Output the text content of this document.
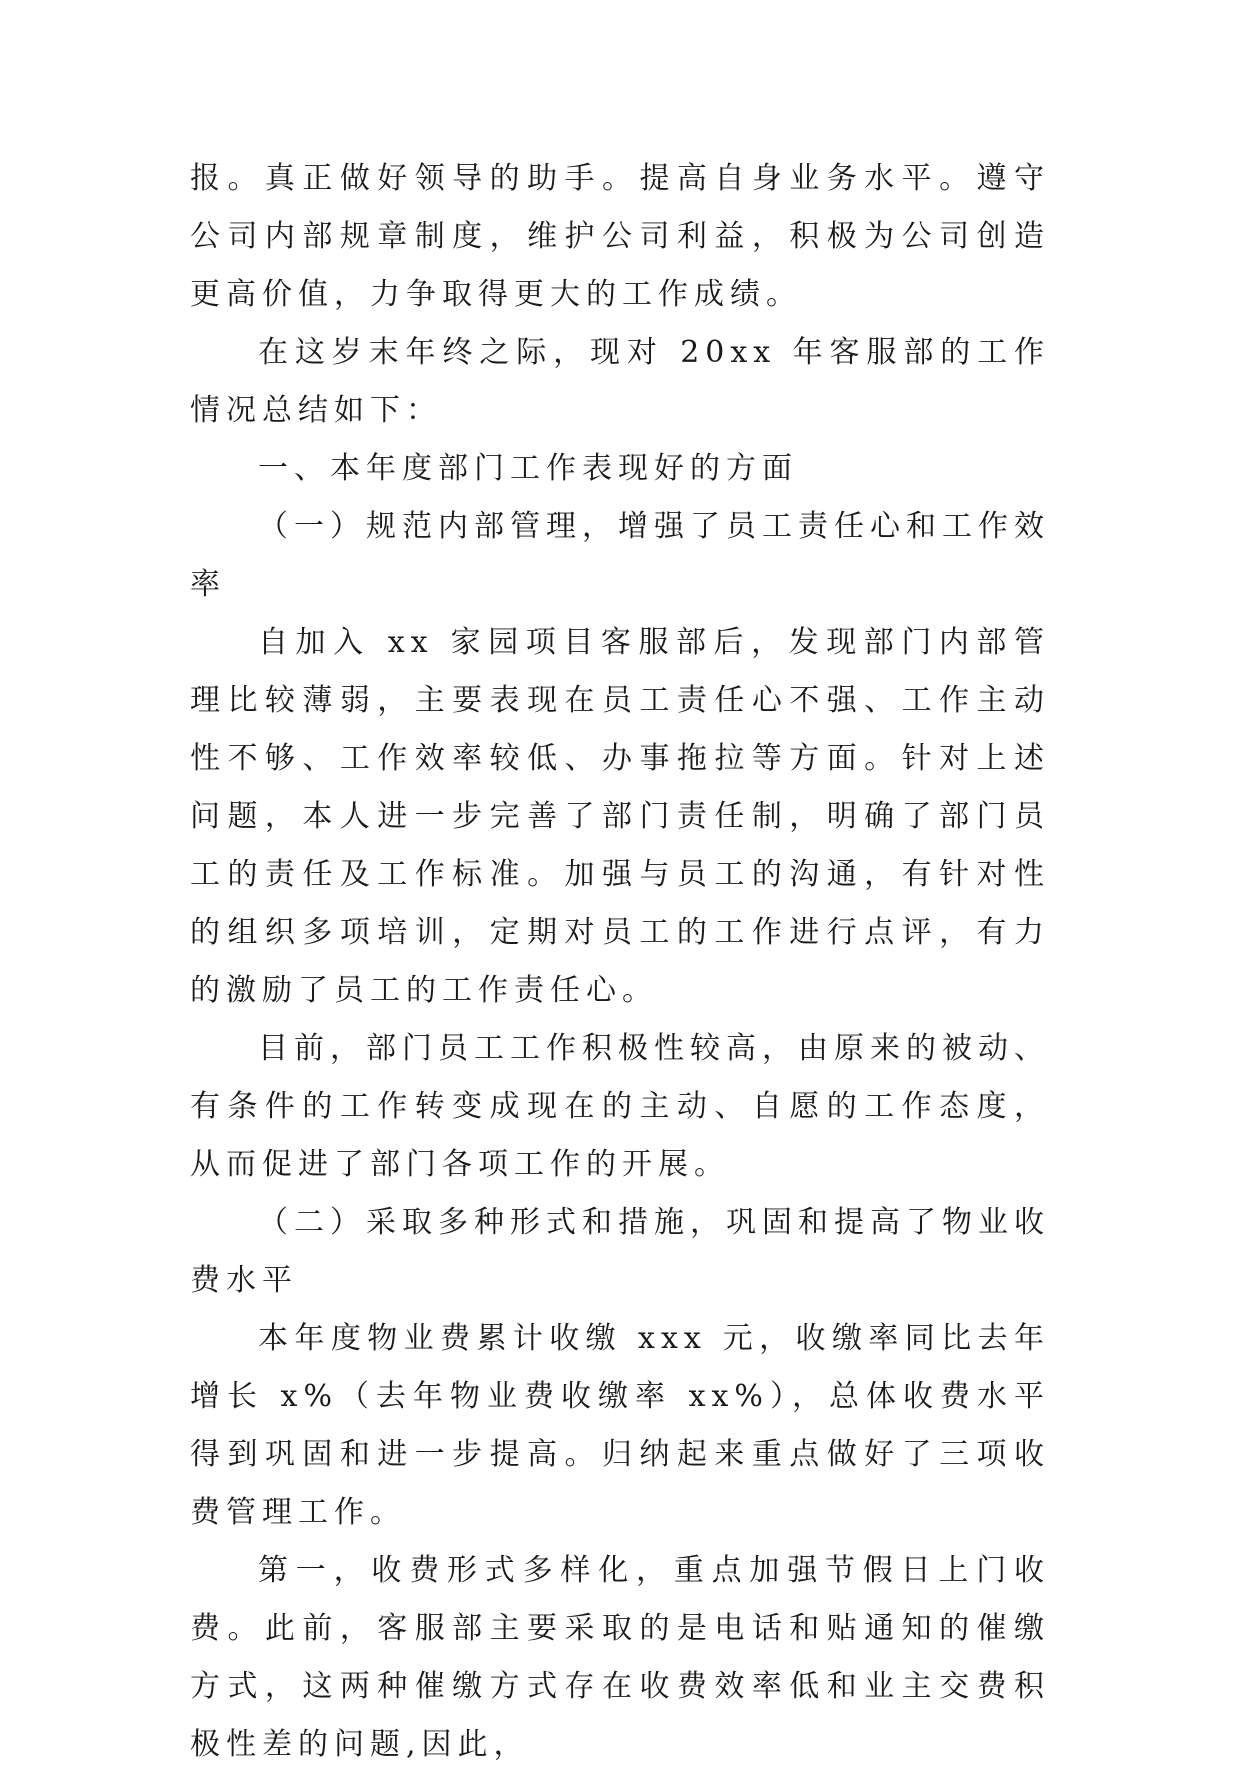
报。真正做好领导的助手。提高自身业务水平。遵守公司内部规章制度，维护公司利益，积极为公司创造更高价值，力争取得更大的工作成绩。

在这岁末年终之际，现对 20xx 年客服部的工作情况总结如下：

一、本年度部门工作表现好的方面

（一）规范内部管理，增强了员工责任心和工作效率

自加入 xx 家园项目客服部后，发现部门内部管理比较薄弱，主要表现在员工责任心不强、工作主动性不够、工作效率较低、办事拖拉等方面。针对上述问题，本人进一步完善了部门责任制，明确了部门员工的责任及工作标准。加强与员工的沟通，有针对性的组织多项培训，定期对员工的工作进行点评，有力的激励了员工的工作责任心。

目前，部门员工工作积极性较高，由原来的被动、有条件的工作转变成现在的主动、自愿的工作态度，从而促进了部门各项工作的开展。

（二）采取多种形式和措施，巩固和提高了物业收费水平

本年度物业费累计收缴 xxx 元，收缴率同比去年增长 x%（去年物业费收缴率 xx%），总体收费水平得到巩固和进一步提高。归纳起来重点做好了三项收费管理工作。

第一，收费形式多样化，重点加强节假日上门收费。此前，客服部主要采取的是电话和贴通知的催缴方式，这两种催缴方式存在收费效率低和业主交费积极性差的问题,因此，
